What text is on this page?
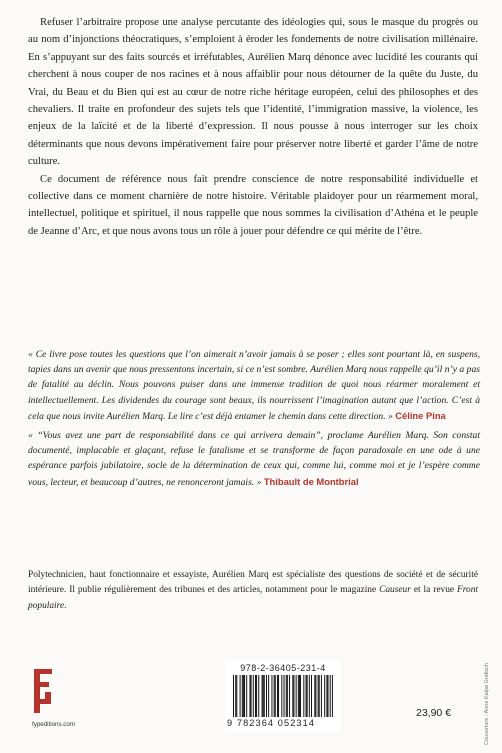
Refuser l’arbitraire propose une analyse percutante des idéologies qui, sous le masque du progrès ou au nom d’injonctions théocratiques, s’emploient à éroder les fondements de notre civilisation millénaire. En s’appuyant sur des faits sourcés et irréfutables, Aurélien Marq dénonce avec lucidité les courants qui cherchent à nous couper de nos racines et à nous affaiblir pour nous détourner de la quête du Juste, du Vrai, du Beau et du Bien qui est au cœur de notre riche héritage européen, celui des philosophes et des chevaliers. Il traite en profondeur des sujets tels que l’identité, l’immigration massive, la violence, les enjeux de la laïcité et de la liberté d’expression. Il nous pousse à nous interroger sur les choix déterminants que nous devons impérativement faire pour préserver notre liberté et garder l’âme de notre culture.

Ce document de référence nous fait prendre conscience de notre responsabilité individuelle et collective dans ce moment charnière de notre histoire. Véritable plaidoyer pour un réarmement moral, intellectuel, politique et spirituel, il nous rappelle que nous sommes la civilisation d’Athéna et le peuple de Jeanne d’Arc, et que nous avons tous un rôle à jouer pour défendre ce qui mérite de l’être.

« Ce livre pose toutes les questions que l’on aimerait n’avoir jamais à se poser ; elles sont pourtant là, en suspens, tapies dans un avenir que nous pressentons incertain, si ce n’est sombre. Aurélien Marq nous rappelle qu’il n’y a pas de fatalité au déclin. Nous pouvons puiser dans une immense tradition de quoi nous réarmer moralement et intellectuellement. Les dividendes du courage sont beaux, ils nourrissent l’imagination autant que l’action. C’est à cela que nous invite Aurélien Marq. Le lire c’est déjà entamer le chemin dans cette direction. » Céline Pina

« “Vous avez une part de responsabilité dans ce qui arrivera demain”, proclame Aurélien Marq. Son constat documenté, implacable et glaçant, refuse le fatalisme et se transforme de façon paradoxale en une ode à une espérance parfois jubilatoire, socle de la détermination de ceux qui, comme lui, comme moi et je l’espère comme vous, lecteur, et beaucoup d’autres, ne renonceront jamais. » Thibault de Montbrial

Polytechnicien, haut fonctionnaire et essayiste, Aurélien Marq est spécialiste des questions de société et de sécurité intérieure. Il publie régulièrement des tribunes et des articles, notamment pour le magazine Causeur et la revue Front populaire.

fypeditions.com
978-2-36405-231-4
9 782364 052314
23,90 €	Couverture : Anne Kalpa Grafisch
